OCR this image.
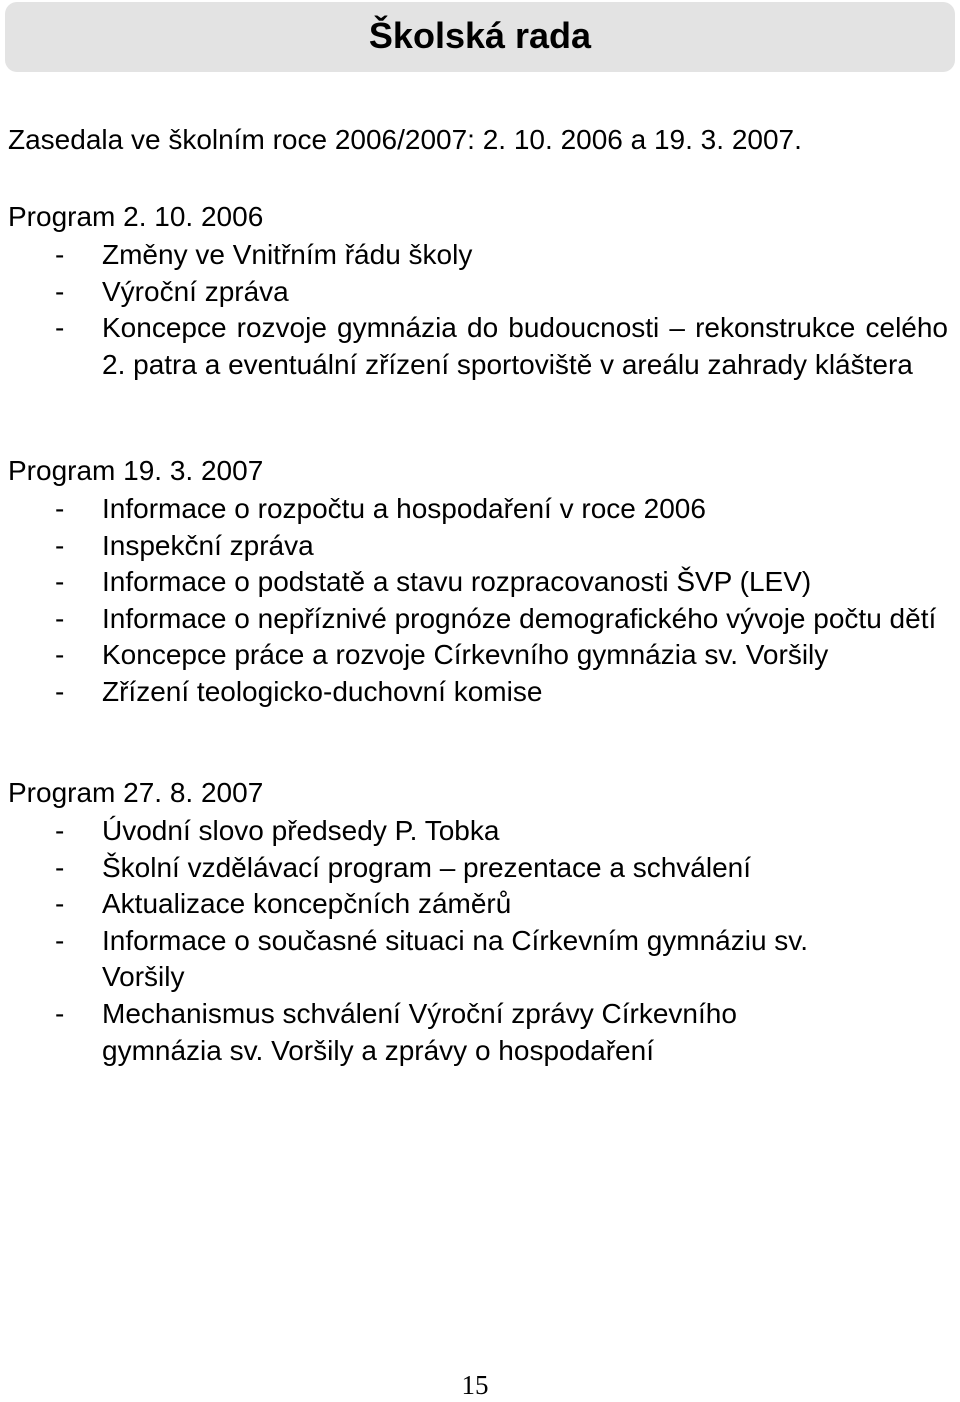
Školská rada
Zasedala ve školním roce 2006/2007: 2. 10. 2006 a 19. 3. 2007.
Program 2. 10. 2006
- Změny ve Vnitřním řádu školy
- Výroční zpráva
- Koncepce rozvoje gymnázia do budoucnosti – rekonstrukce celého 2. patra a eventuální zřízení sportoviště v areálu zahrady kláštera
Program 19. 3. 2007
- Informace o rozpočtu a hospodaření v roce 2006
- Inspekční zpráva
- Informace o podstatě a stavu rozpracovanosti ŠVP (LEV)
- Informace o nepříznivé prognóze demografického vývoje počtu dětí
- Koncepce práce a rozvoje Církevního gymnázia sv. Voršily
- Zřízení teologicko-duchovní komise
Program 27. 8. 2007
- Úvodní slovo předsedy P. Tobka
- Školní vzdělávací program – prezentace a schválení
- Aktualizace koncepčních záměrů
- Informace o současné situaci na Církevním gymnáziu sv. Voršily
- Mechanismus schválení Výroční zprávy Církevního gymnázia sv. Voršily a zprávy o hospodaření
15
